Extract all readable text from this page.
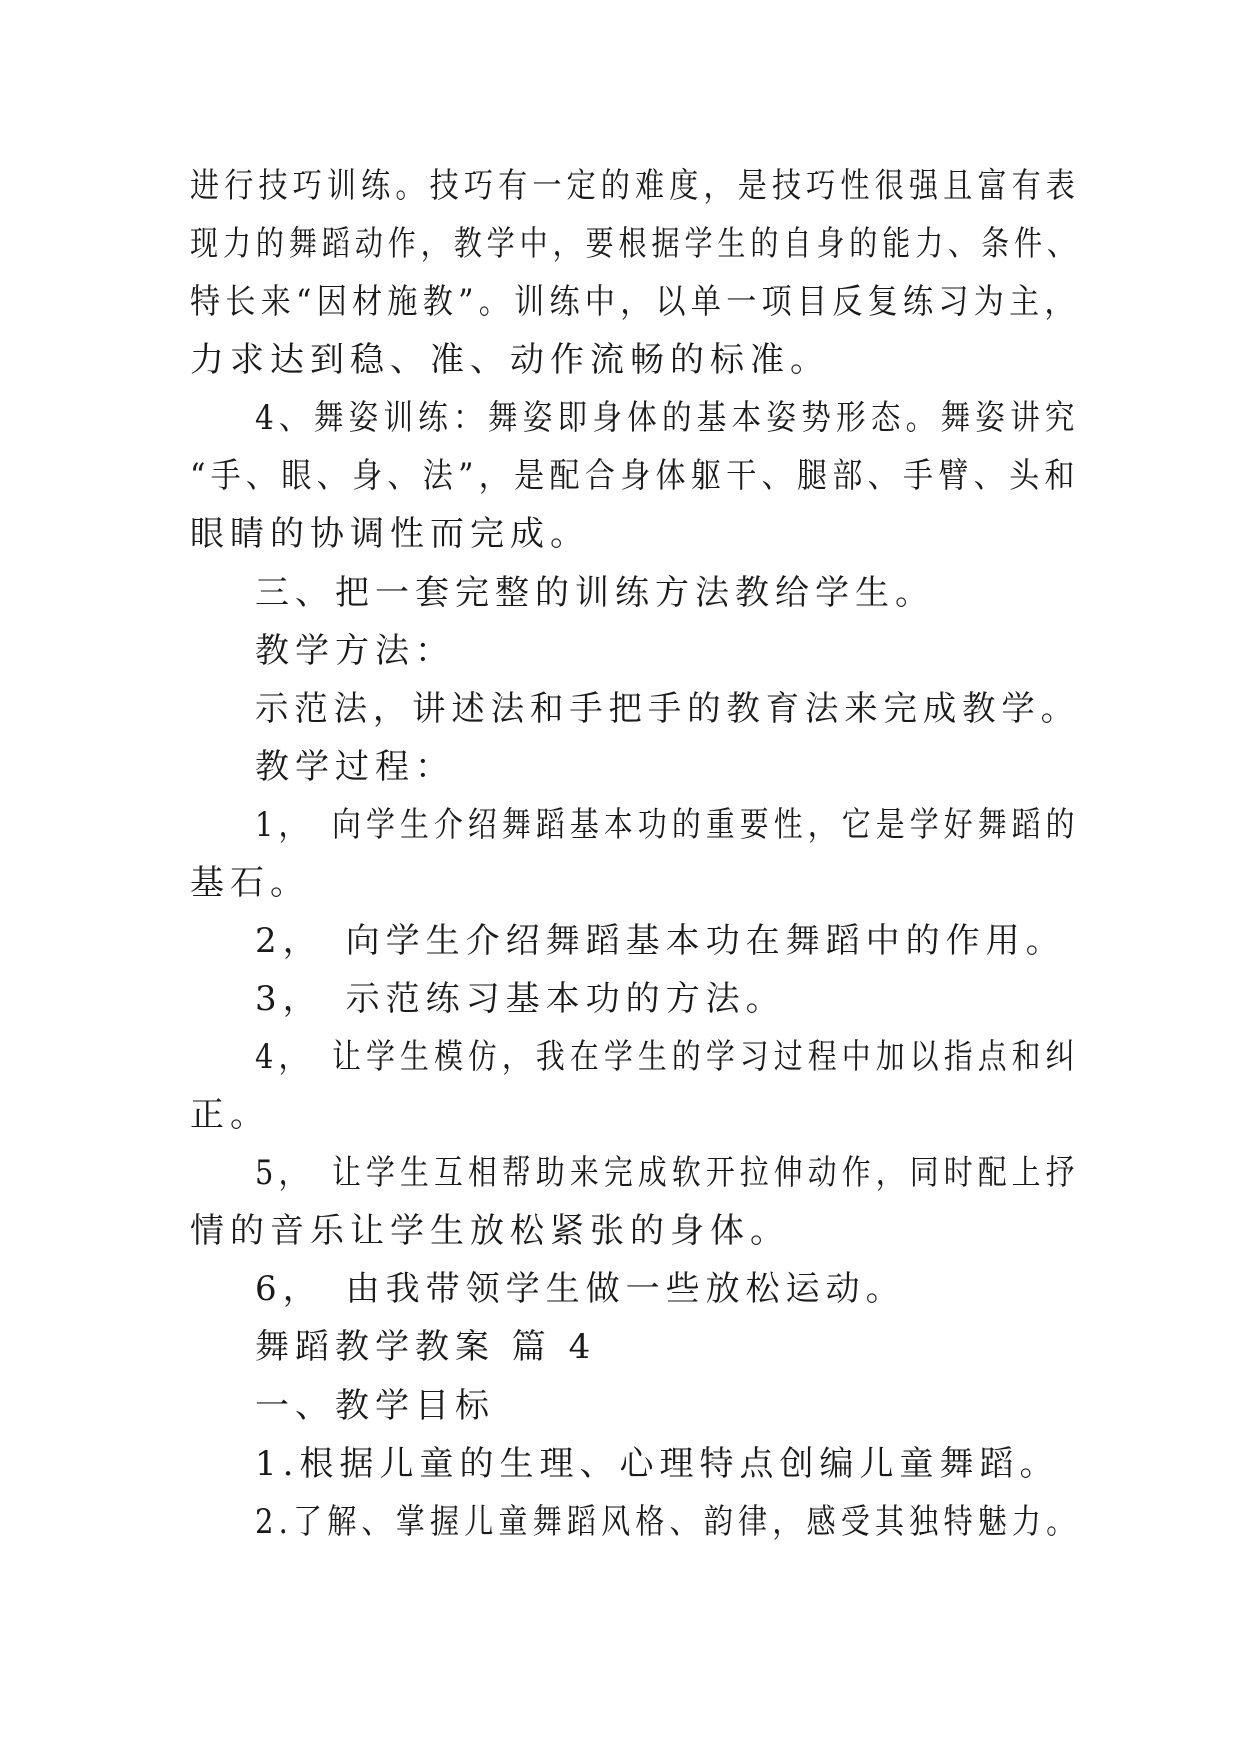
进行技巧训练。技巧有一定的难度，是技巧性很强且富有表
现力的舞蹈动作，教学中，要根据学生的自身的能力、条件、
特长来“因材施教”。训练中，以单一项目反复练习为主，
力求达到稳、准、动作流畅的标准。
4、舞姿训练：舞姿即身体的基本姿势形态。舞姿讲究
“手、眼、身、法”，是配合身体躯干、腿部、手臂、头和
眼睛的协调性而完成。
三、把一套完整的训练方法教给学生。
教学方法：
示范法，讲述法和手把手的教育法来完成教学。
教学过程：
1，　向学生介绍舞蹈基本功的重要性，它是学好舞蹈的
基石。
2，　向学生介绍舞蹈基本功在舞蹈中的作用。
3，　示范练习基本功的方法。
4，　让学生模仿，我在学生的学习过程中加以指点和纠
正。
5，　让学生互相帮助来完成软开拉伸动作，同时配上抒
情的音乐让学生放松紧张的身体。
6，　由我带领学生做一些放松运动。
舞蹈教学教案 篇 4
一、教学目标
1.根据儿童的生理、心理特点创编儿童舞蹈。
2.了解、掌握儿童舞蹈风格、韵律，感受其独特魅力。
